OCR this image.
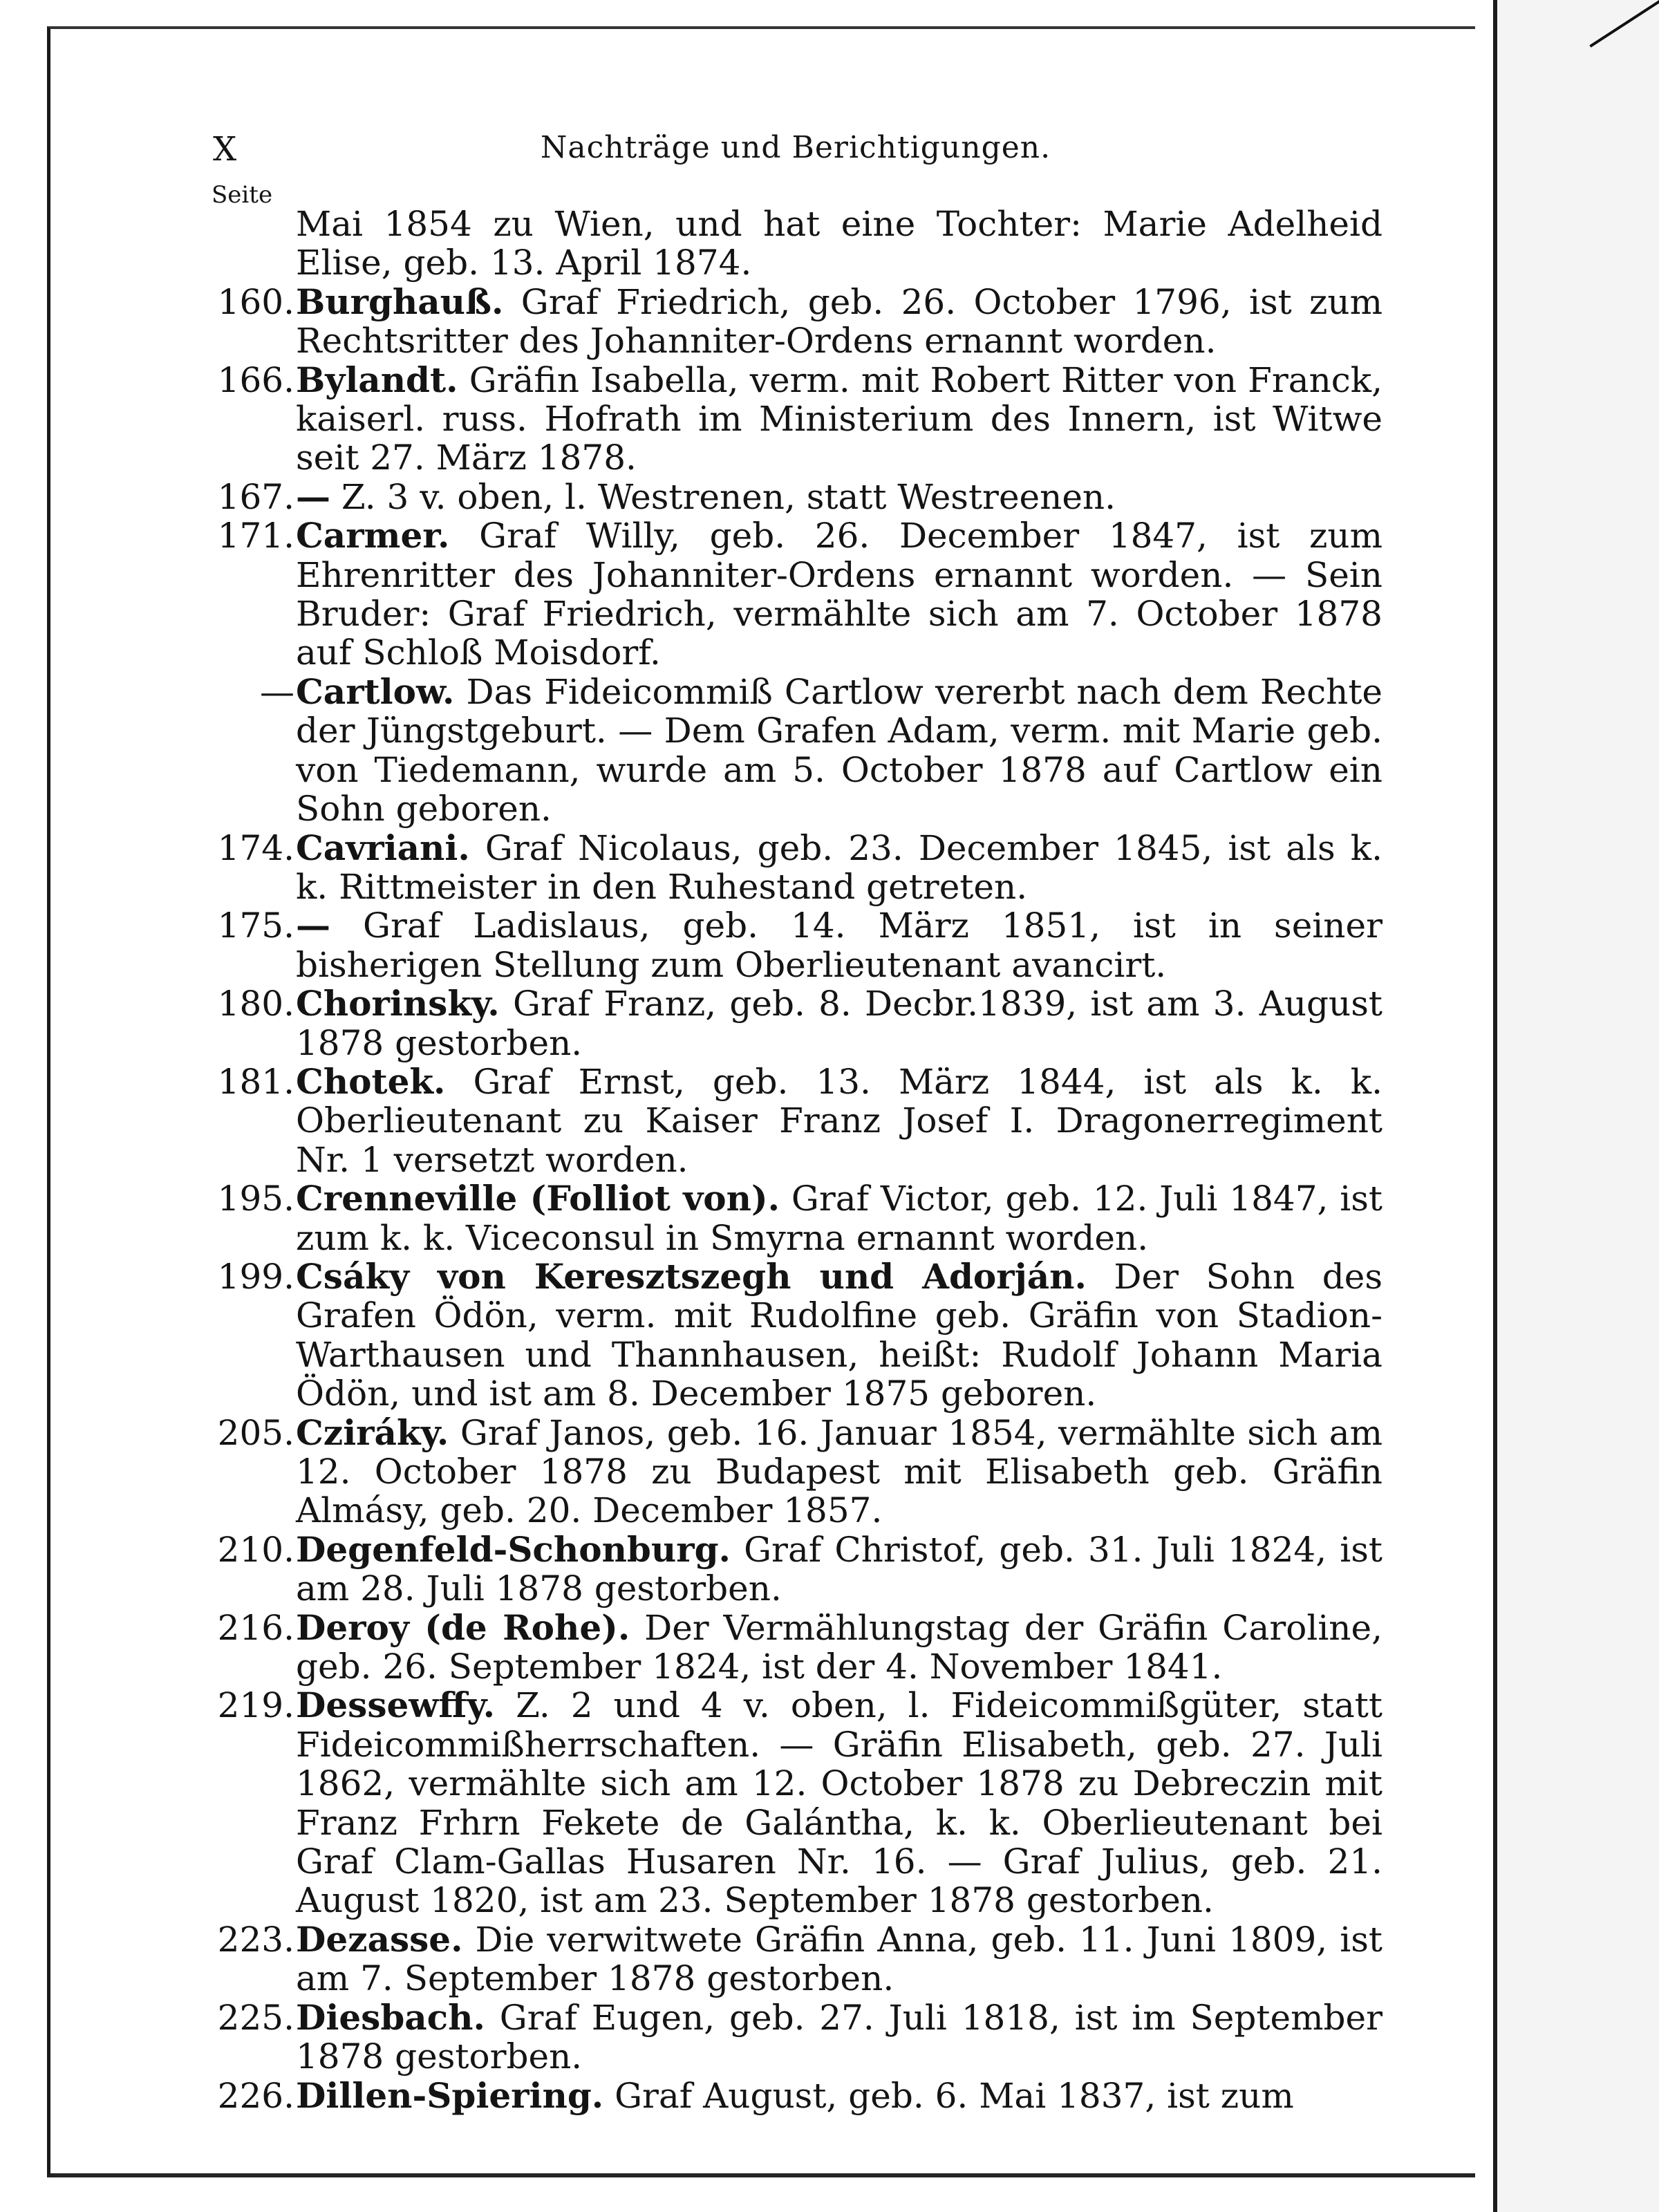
X	Nachträge und Berichtigungen.
Seite
Mai 1854 zu Wien, und hat eine Tochter: Marie Adelheid Elise, geb. 13. April 1874.
160. Burghauß. Graf Friedrich, geb. 26. October 1796, ist zum Rechtsritter des Johanniter-Ordens ernannt worden.
166. Bylandt. Gräfin Isabella, verm. mit Robert Ritter von Franck, kaiserl. russ. Hofrath im Ministerium des Innern, ist Witwe seit 27. März 1878.
167. — Z. 3 v. oben, l. Westrenen, statt Westreenen.
171. Carmer. Graf Willy, geb. 26. December 1847, ist zum Ehrenritter des Johanniter-Ordens ernannt worden. — Sein Bruder: Graf Friedrich, vermählte sich am 7. October 1878 auf Schloß Moisdorf.
— Cartlow. Das Fideicommiß Cartlow vererbt nach dem Rechte der Jüngstgeburt. — Dem Grafen Adam, verm. mit Marie geb. von Tiedemann, wurde am 5. October 1878 auf Cartlow ein Sohn geboren.
174. Cavriani. Graf Nicolaus, geb. 23. December 1845, ist als k. k. Rittmeister in den Ruhestand getreten.
175. — Graf Ladislaus, geb. 14. März 1851, ist in seiner bisherigen Stellung zum Oberlieutenant avancirt.
180. Chorinsky. Graf Franz, geb. 8. Decbr.1839, ist am 3. August 1878 gestorben.
181. Chotek. Graf Ernst, geb. 13. März 1844, ist als k. k. Oberlieutenant zu Kaiser Franz Josef I. Dragonerregiment Nr. 1 versetzt worden.
195. Crenneville (Folliot von). Graf Victor, geb. 12. Juli 1847, ist zum k. k. Viceconsul in Smyrna ernannt worden.
199. Csáky von Keresztszegh und Adorján. Der Sohn des Grafen Ödön, verm. mit Rudolfine geb. Gräfin von Stadion-Warthausen und Thannhausen, heißt: Rudolf Johann Maria Ödön, und ist am 8. December 1875 geboren.
205. Cziráky. Graf Janos, geb. 16. Januar 1854, vermählte sich am 12. October 1878 zu Budapest mit Elisabeth geb. Gräfin Almásy, geb. 20. December 1857.
210. Degenfeld-Schonburg. Graf Christof, geb. 31. Juli 1824, ist am 28. Juli 1878 gestorben.
216. Deroy (de Rohe). Der Vermählungstag der Gräfin Caroline, geb. 26. September 1824, ist der 4. November 1841.
219. Dessewffy. Z. 2 und 4 v. oben, l. Fideicommißgüter, statt Fideicommißherrschaften. — Gräfin Elisabeth, geb. 27. Juli 1862, vermählte sich am 12. October 1878 zu Debreczin mit Franz Frhrn Fekete de Galántha, k. k. Oberlieutenant bei Graf Clam-Gallas Husaren Nr. 16. — Graf Julius, geb. 21. August 1820, ist am 23. September 1878 gestorben.
223. Dezasse. Die verwitwete Gräfin Anna, geb. 11. Juni 1809, ist am 7. September 1878 gestorben.
225. Diesbach. Graf Eugen, geb. 27. Juli 1818, ist im September 1878 gestorben.
226. Dillen-Spiering. Graf August, geb. 6. Mai 1837, ist zum
